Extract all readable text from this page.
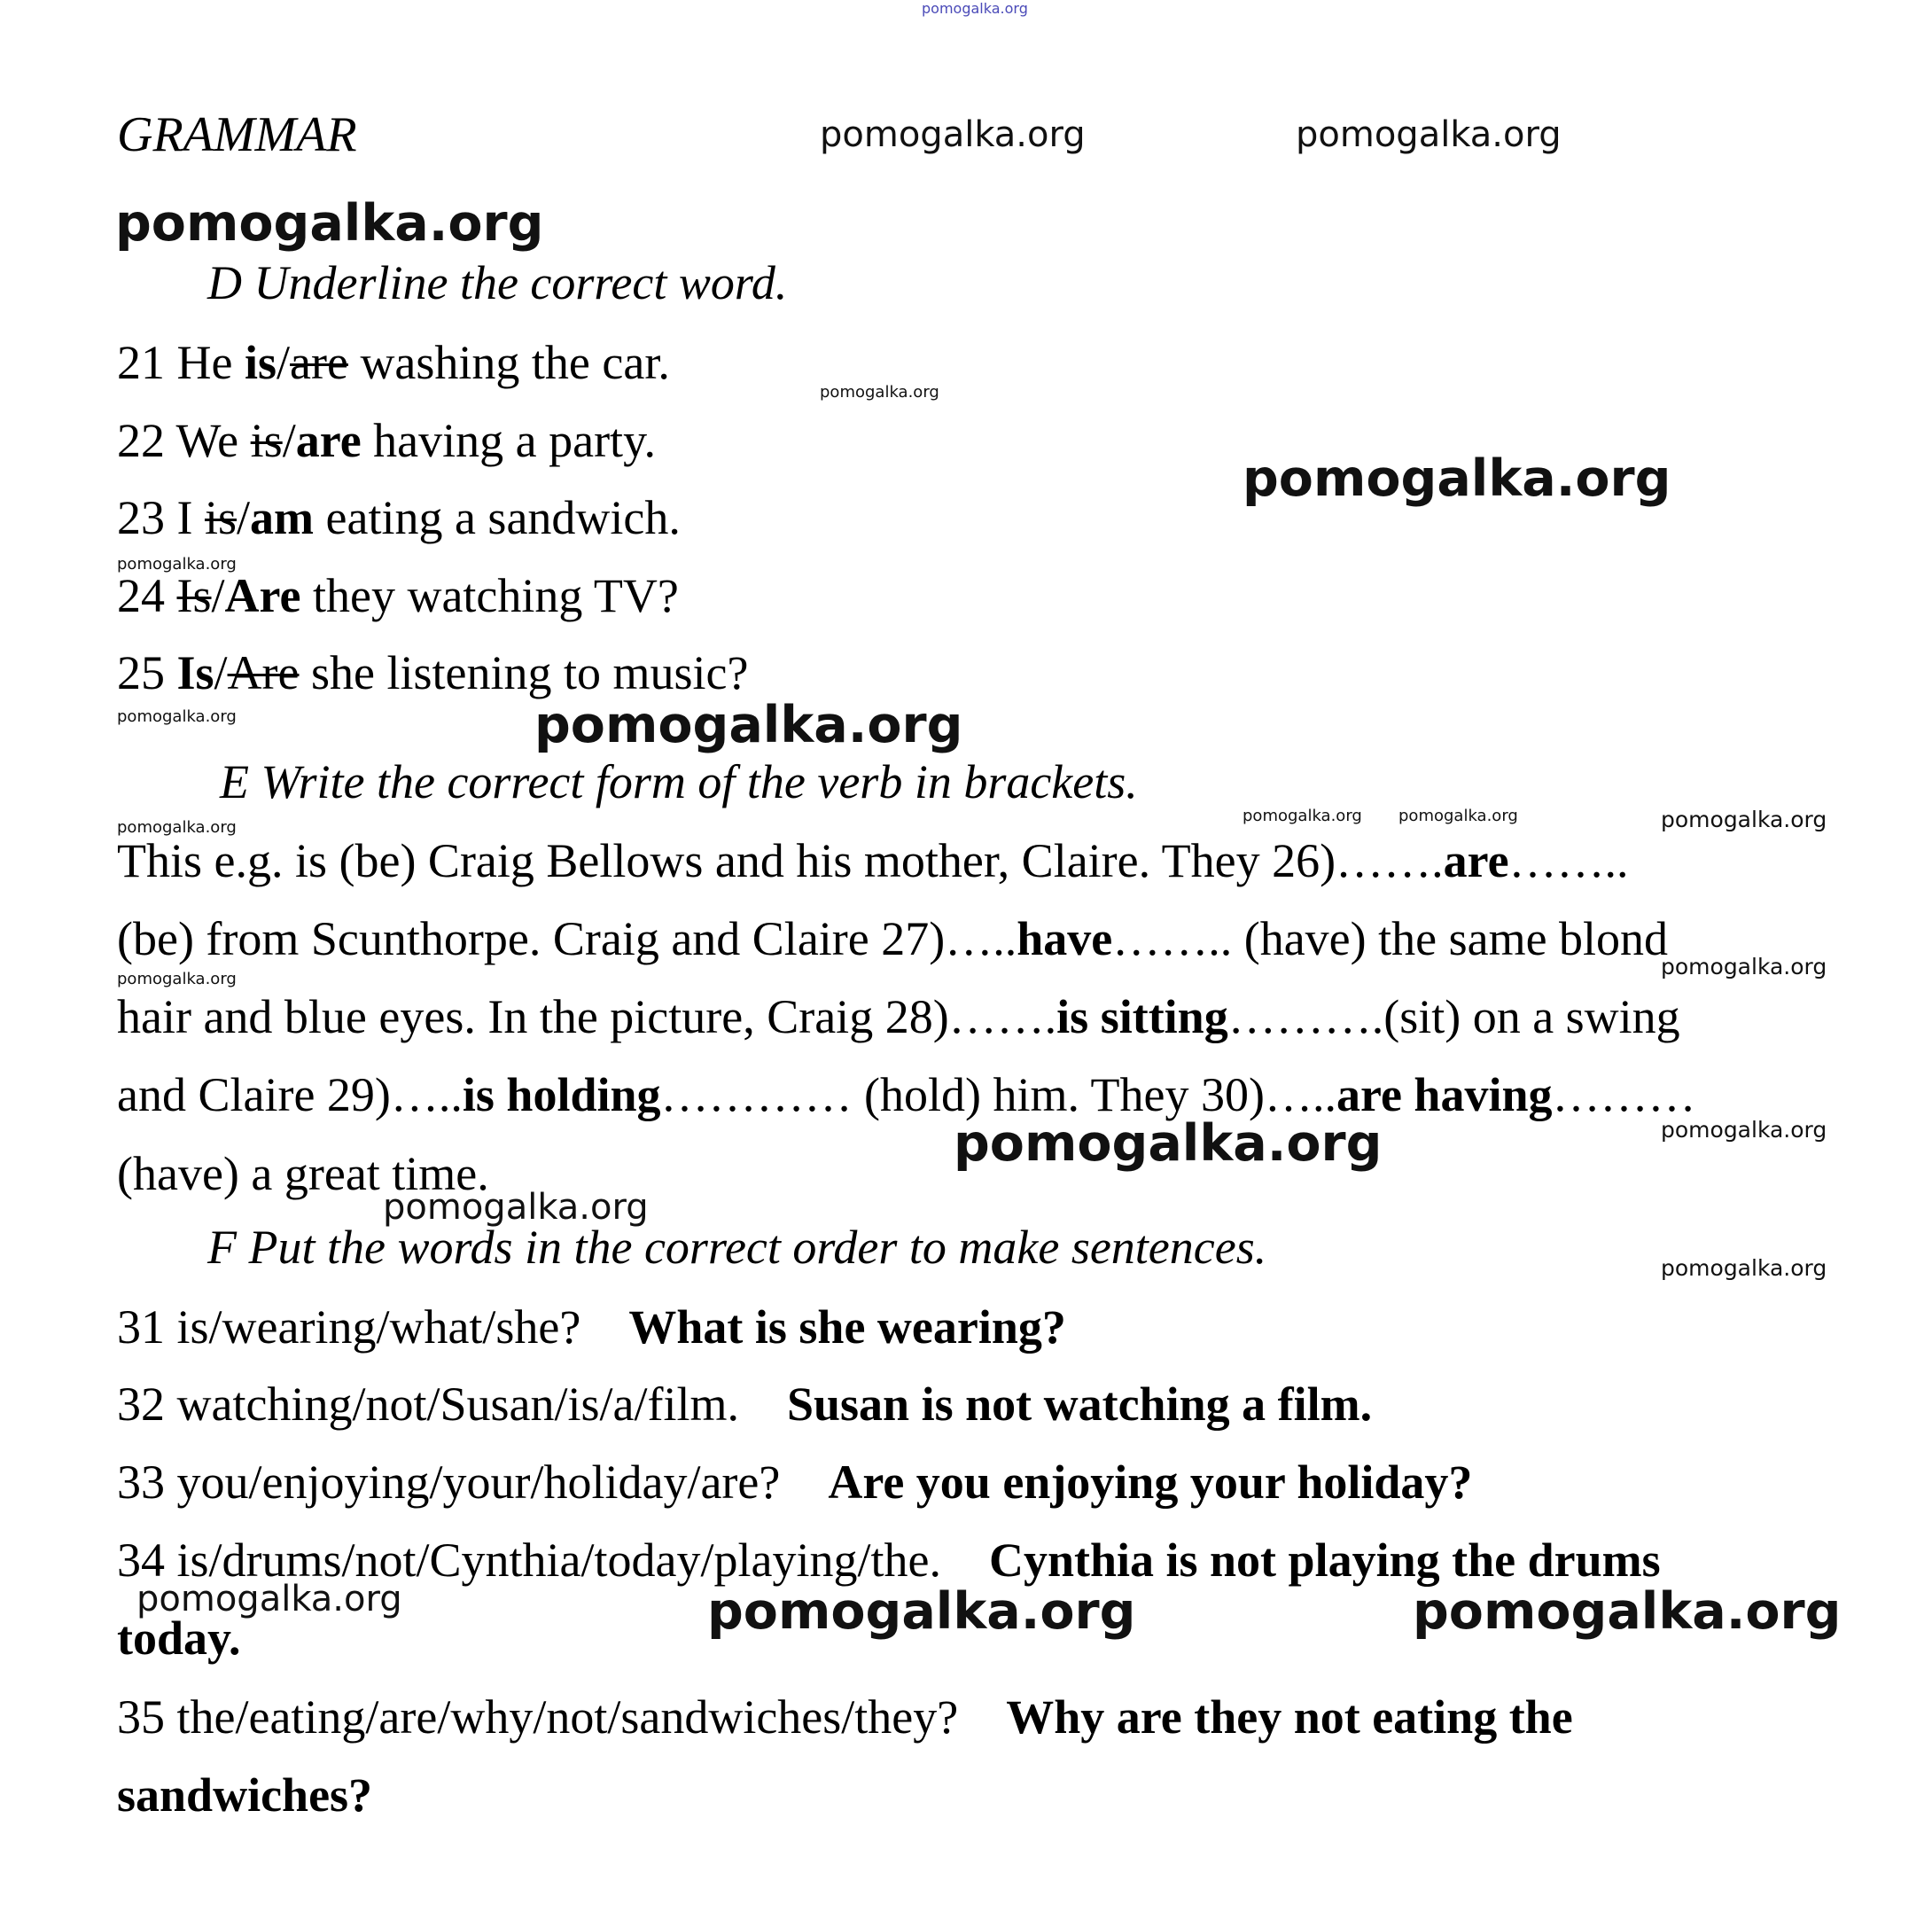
GRAMMAR
D Underline the correct word.
21 He is/are washing the car.
22 We is/are having a party.
23 I is/am eating a sandwich.
24 Is/Are they watching TV?
25 Is/Are she listening to music?
E Write the correct form of the verb in brackets.
This e.g. is (be) Craig Bellows and his mother, Claire. They 26)…….are……..
(be) from Scunthorpe. Craig and Claire 27)…..have…….. (have) the same blond
hair and blue eyes. In the picture, Craig 28)…….is sitting……….(sit) on a swing
and Claire 29)…..is holding………… (hold) him. They 30)…..are having………
(have) a great time.
F Put the words in the correct order to make sentences.
31 is/wearing/what/she?  What is she wearing?
32 watching/not/Susan/is/a/film.  Susan is not watching a film.
33 you/enjoying/your/holiday/are?  Are you enjoying your holiday?
34 is/drums/not/Cynthia/today/playing/the.  Cynthia is not playing the drums
today.
35 the/eating/are/why/not/sandwiches/they?  Why are they not eating the
sandwiches?
pomogalka.org
pomogalka.org	pomogalka.org
pomogalka.org
pomogalka.org
pomogalka.org
pomogalka.org
pomogalka.org	pomogalka.org
pomogalka.org
pomogalka.org pomogalka.org	pomogalka.org
pomogalka.org
pomogalka.org
pomogalka.org
pomogalka.org
pomogalka.org
pomogalka.org
pomogalka.org	pomogalka.org	pomogalka.org
